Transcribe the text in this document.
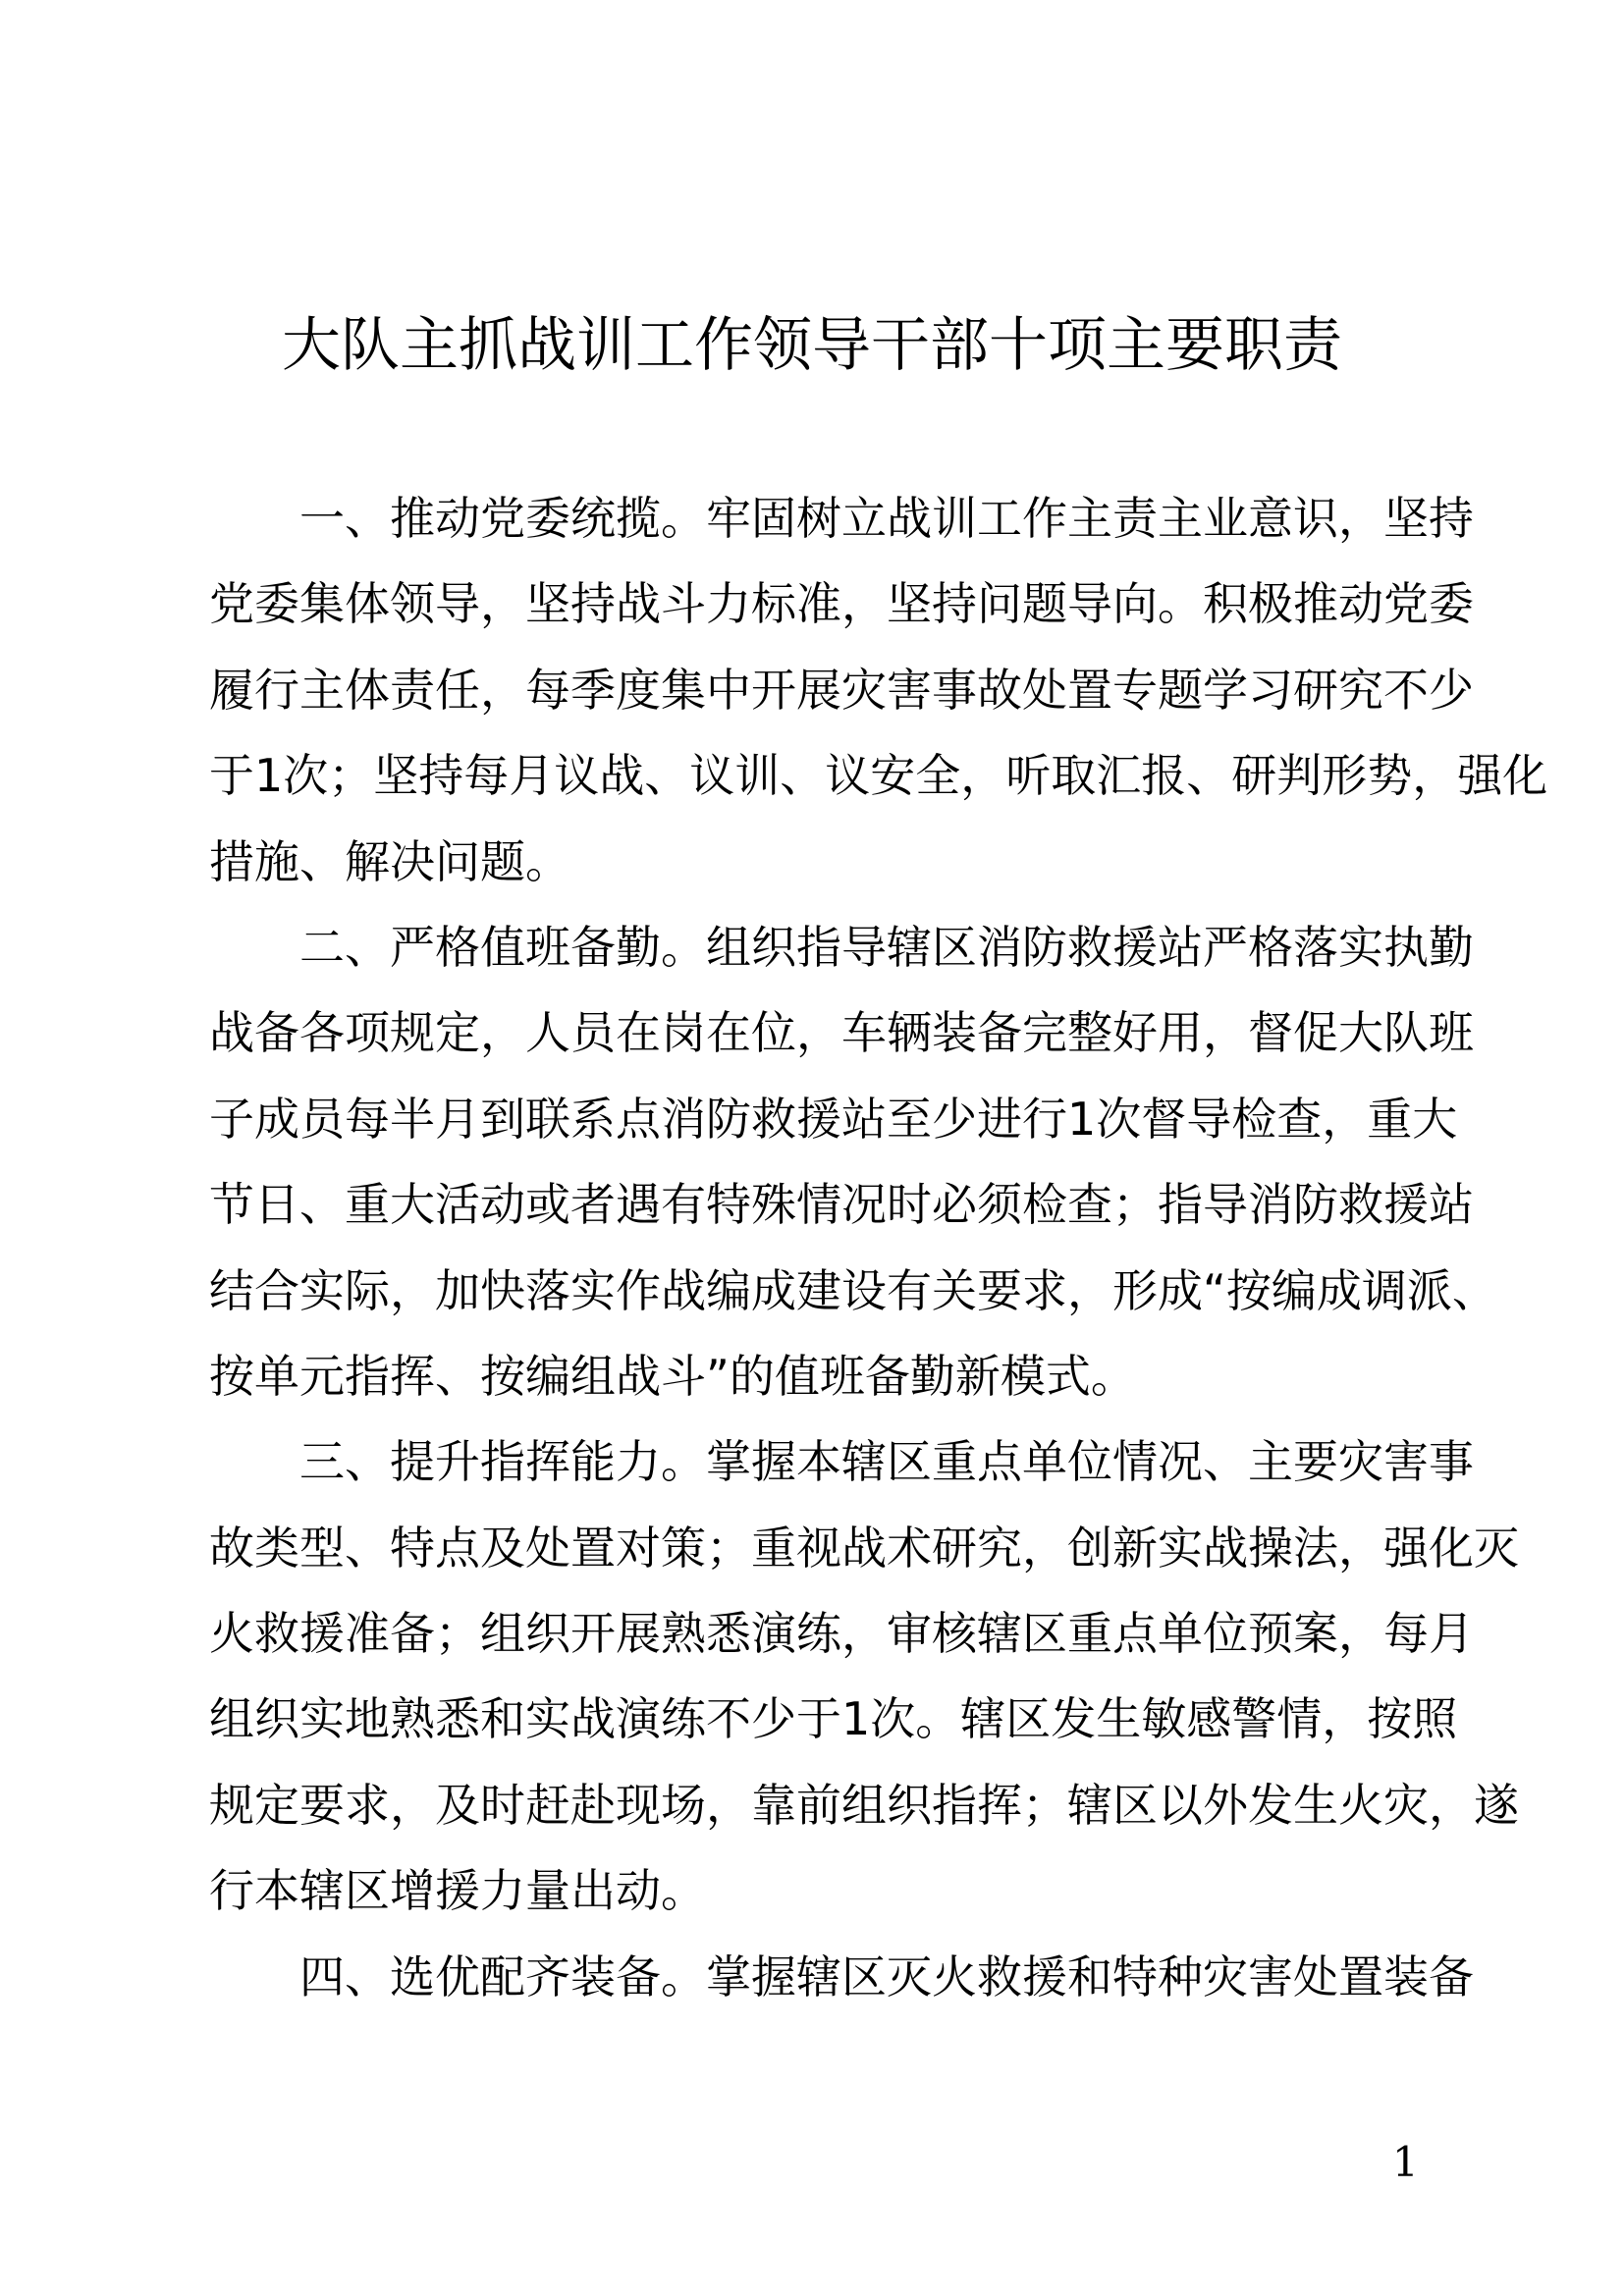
大队主抓战训工作领导干部十项主要职责
一 、 推 动 党 委 统 揽 。 牢 固 树 立 战 训 工 作 主 责 主 业 意 识 ， 坚 持
党 委 集 体 领 导 ， 坚 持 战 斗 力 标 准 ， 坚 持 问 题 导 向 。 积 极 推 动 党 委
履 行 主 体 责 任 ， 每 季 度 集 中 开 展 灾 害 事 故 处 置 专 题 学 习 研 究 不 少
于 1 次 ； 坚 持 每 月 议 战 、 议 训 、 议 安 全 ， 听 取 汇 报 、 研 判 形 势 ， 强 化
措施、解决问题。
二 、 严 格 值 班 备 勤 。 组 织 指 导 辖 区 消 防 救 援 站 严 格 落 实 执 勤
战 备 各 项 规 定 ， 人 员 在 岗 在 位 ， 车 辆 装 备 完 整 好 用 ， 督 促 大 队 班
子 成 员 每 半 月 到 联 系 点 消 防 救 援 站 至 少 进 行 1 次 督 导 检 查 ， 重 大
节 日 、 重 大 活 动 或 者 遇 有 特 殊 情 况 时 必 须 检 查 ； 指 导 消 防 救 援 站
结 合 实 际 ， 加 快 落 实 作 战 编 成 建 设 有 关 要 求 ， 形 成 “ 按 编 成 调 派 、
按单元指挥、按编组战斗”的值班备勤新模式。
三 、 提 升 指 挥 能 力 。 掌 握 本 辖 区 重 点 单 位 情 况 、 主 要 灾 害 事
故 类 型 、 特 点 及 处 置 对 策 ； 重 视 战 术 研 究 ， 创 新 实 战 操 法 ， 强 化 灭
火 救 援 准 备 ； 组 织 开 展 熟 悉 演 练 ， 审 核 辖 区 重 点 单 位 预 案 ， 每 月
组 织 实 地 熟 悉 和 实 战 演 练 不 少 于 1 次 。 辖 区 发 生 敏 感 警 情 ， 按 照
规 定 要 求 ， 及 时 赶 赴 现 场 ， 靠 前 组 织 指 挥 ； 辖 区 以 外 发 生 火 灾 ， 遂
行本辖区增援力量出动。
四 、 选 优 配 齐 装 备 。 掌 握 辖 区 灭 火 救 援 和 特 种 灾 害 处 置 装 备
1
